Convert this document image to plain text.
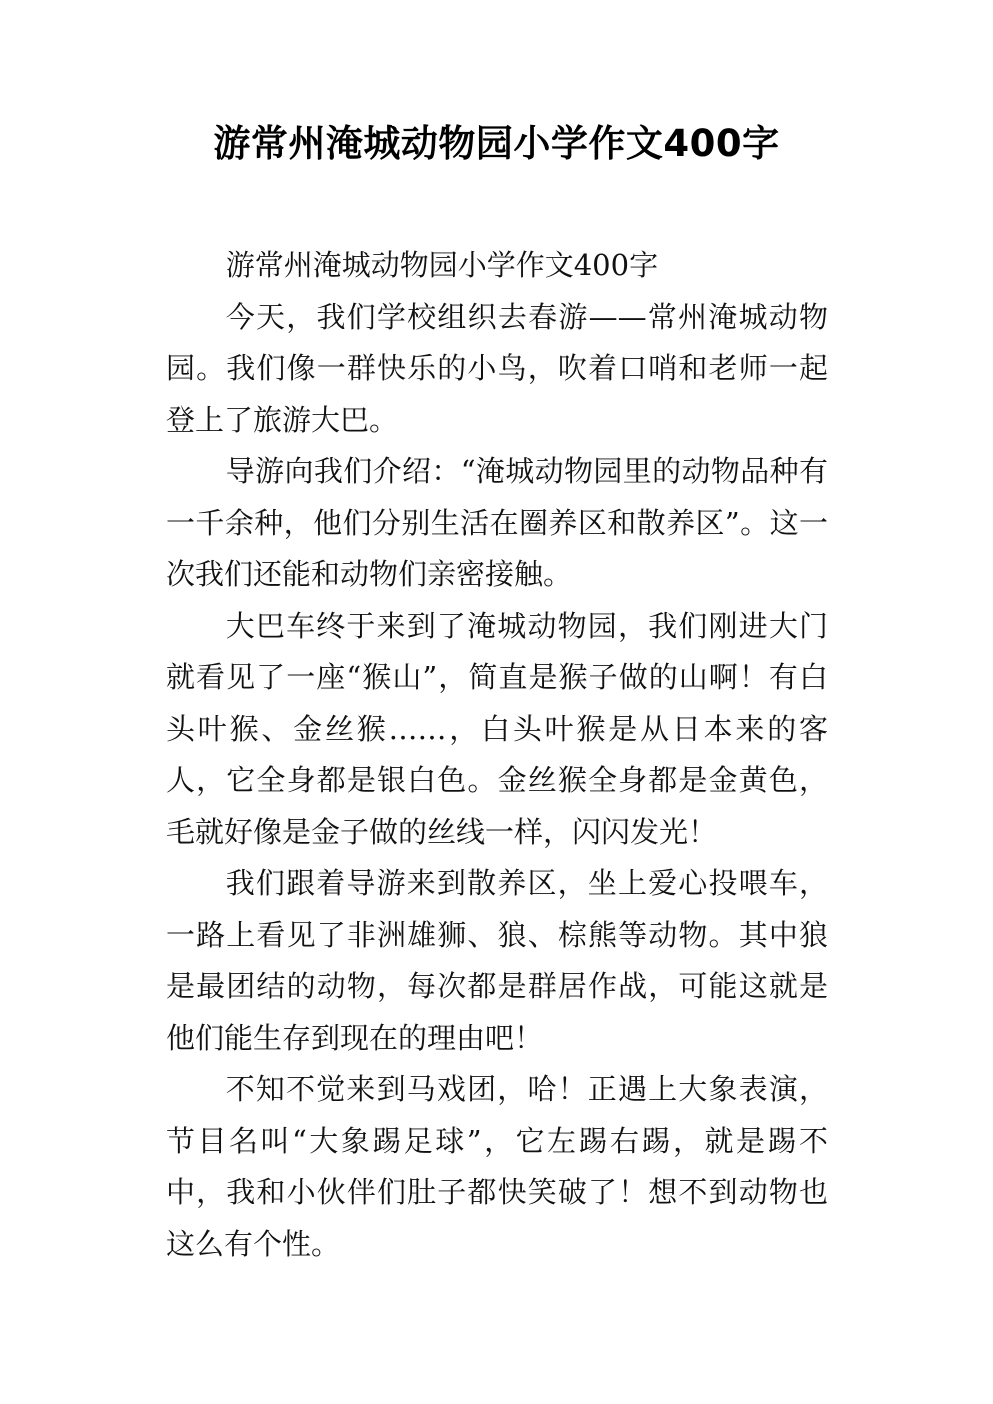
游常州淹城动物园小学作文400字

游常州淹城动物园小学作文400字

今天，我们学校组织去春游——常州淹城动物园。我们像一群快乐的小鸟，吹着口哨和老师一起登上了旅游大巴。

导游向我们介绍：“淹城动物园里的动物品种有一千余种，他们分别生活在圈养区和散养区”。这一次我们还能和动物们亲密接触。

大巴车终于来到了淹城动物园，我们刚进大门就看见了一座“猴山”，简直是猴子做的山啊！有白头叶猴、金丝猴……，白头叶猴是从日本来的客人，它全身都是银白色。金丝猴全身都是金黄色，毛就好像是金子做的丝线一样，闪闪发光！

我们跟着导游来到散养区，坐上爱心投喂车，一路上看见了非洲雄狮、狼、棕熊等动物。其中狼是最团结的动物，每次都是群居作战，可能这就是他们能生存到现在的理由吧！

不知不觉来到马戏团，哈！正遇上大象表演，节目名叫“大象踢足球”，它左踢右踢，就是踢不中，我和小伙伴们肚子都快笑破了！想不到动物也这么有个性。
